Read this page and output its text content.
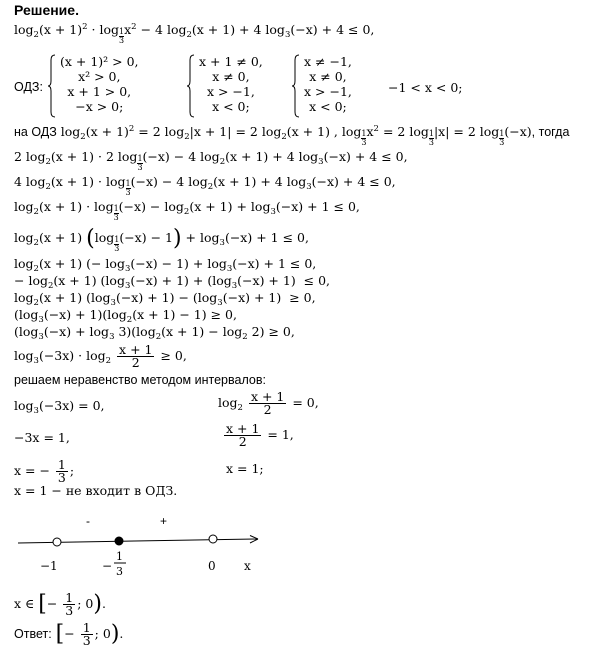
Решение.
$\log_2(x + 1)^2 \cdot \log _{\frac{1}{3}}$ $x^2 - 4$ $\log_2(x + 1) + 4$ $\log_3(-x) + 4 \le 0$,
ОДЗ:
(x + 1)² > 0,
x² > 0,
x + 1 > 0,
−x > 0;
x + 1 ≠ 0,
x ≠ 0,
x > −1,
x < 0;
x ≠ −1,
x ≠ 0,
x > −1,
x < 0;
−1 < x < 0;
на ОДЗ $\log_2(x + 1)^2 = 2$ $\log_2|x + 1| = 2$ $\log_2(x + 1)$ , log $_{\frac{1}{3}}$ $x^2 = 2$ log $_{\frac{1}{3}}$ |x| = 2 log $_{\frac{1}{3}}$ (−x), тогда
2 $\log_2(x + 1) \cdot 2$ log $_{\frac{1}{3}}$ (−x) − 4 $\log_2(x + 1) + 4$ $\log_3(-x) + 4 \le 0$,
4 $\log_2(x + 1) \cdot \log _{\frac{1}{3}}$ (−x) − 4 $\log_2(x + 1) + 4$ $\log_3(-x) + 4 \le 0$,
$\log_2(x + 1) \cdot \log _{\frac{1}{3}}$ $(-x) - \log_2(x + 1) + \log_3(-x) + 1 \le 0$,
$\log_2(x + 1)$ (log $_{\frac{1}{3}}$ $(-x) - 1) + \log_3(-x) + 1 \le 0$,
$\log_2(x + 1)$ (− $\log_3(-x) - 1) + \log_3(-x) + 1 \le 0$,
− $\log_2(x + 1) (\log_3(-x) + 1) + (\log_3(-x) + 1) \le 0$,
$\log_2(x + 1) (\log_3(-x) + 1) - (\log_3(-x) + 1) \ge 0$,
$(\log_3(-x) + 1)(\log_2(x + 1) - 1) \ge 0$,
$(\log_3(-x) + \log_3 3)(\log_2(x + 1) - \log_2 2) \ge 0$,
$\log_3(-3x) \cdot \log_2 \frac{x + 1}{2} \ge 0$,
решаем неравенство методом интервалов:
$\log_3(-3x) = 0$,
−3x = 1,
x = − $\frac{1}{3}$ ;
$\log_2 \frac{x + 1}{2} = 0$,
$\frac{x + 1}{2} = 1$,
x = 1;
x = 1 − не входит в ОДЗ.
-	+
−1	−
1
3	0 x
x ∈ [− $\frac{1}{3}$ ; 0).
Ответ: [− $\frac{1}{3}$ ; 0).
